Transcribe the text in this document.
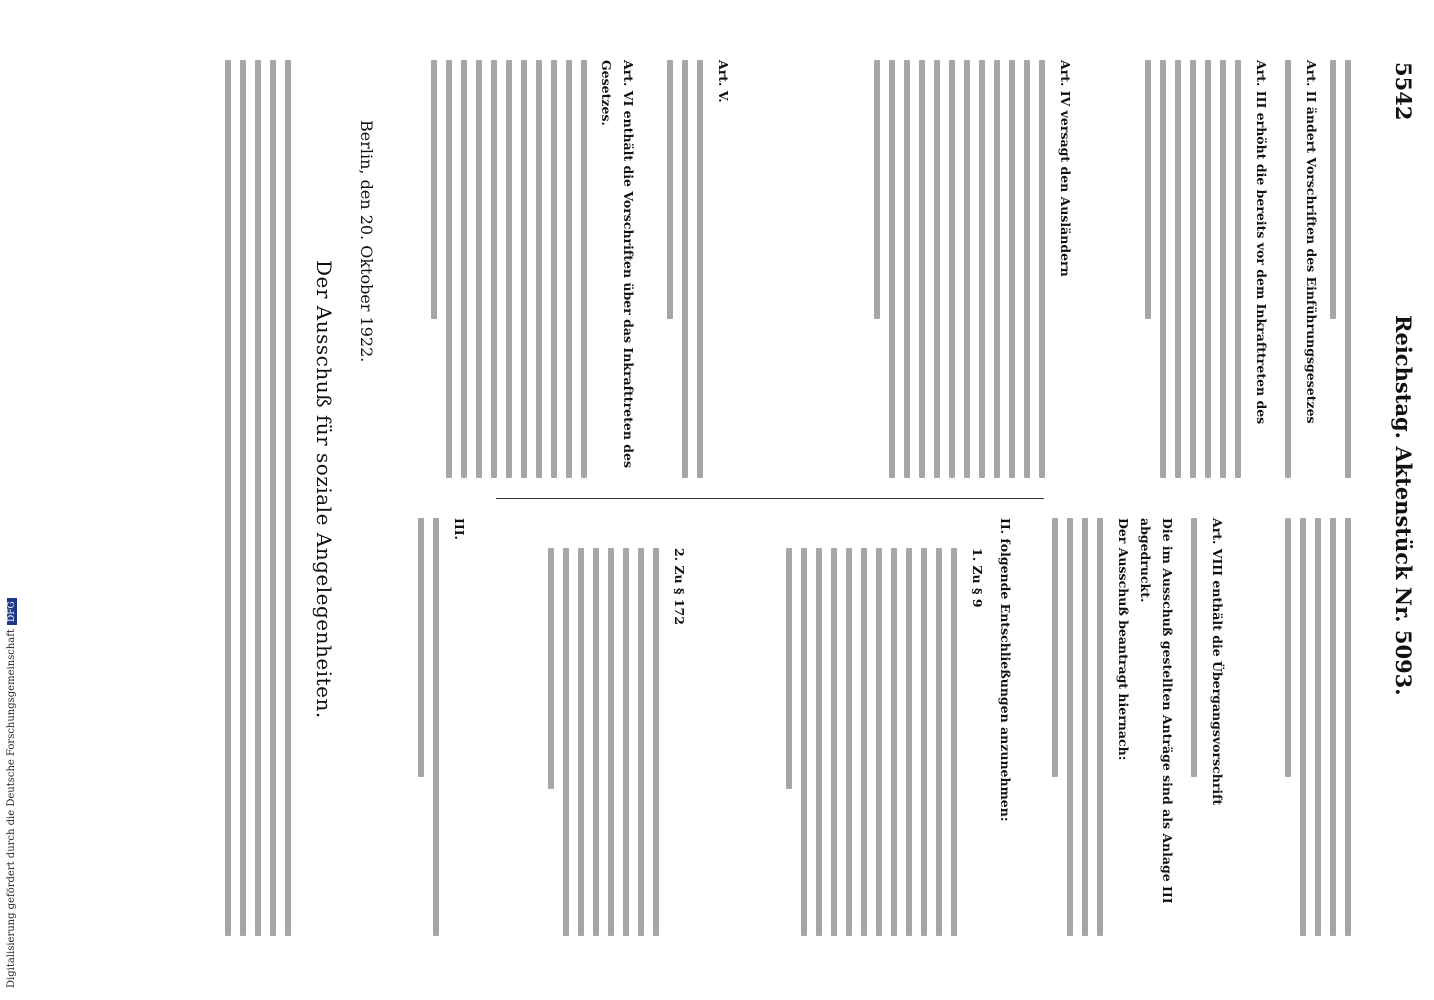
5542
Reichstag. Aktenstück Nr. 5093.
Art. II ändert Vorschriften des Einführungsgesetzes
Art. III erhöht die bereits vor dem Inkrafttreten des
Art. IV versagt den Ausländern
Art. V.
Art. VI enthält die Vorschriften über das Inkrafttreten des Gesetzes.
Art. VIII enthält die Übergangsvorschrift
Die im Ausschuß gestellten Anträge sind als Anlage III abgedruckt.
Der Ausschuß beantragt hiernach:
II. folgende Entschließungen anzunehmen:
1. Zu § 9
2. Zu § 172
III.
Berlin, den 20. Oktober 1922.
Der Ausschuß für soziale Angelegenheiten.
Digitalisierung gefördert durch die Deutsche ForschungsgemeinschaftDFG
